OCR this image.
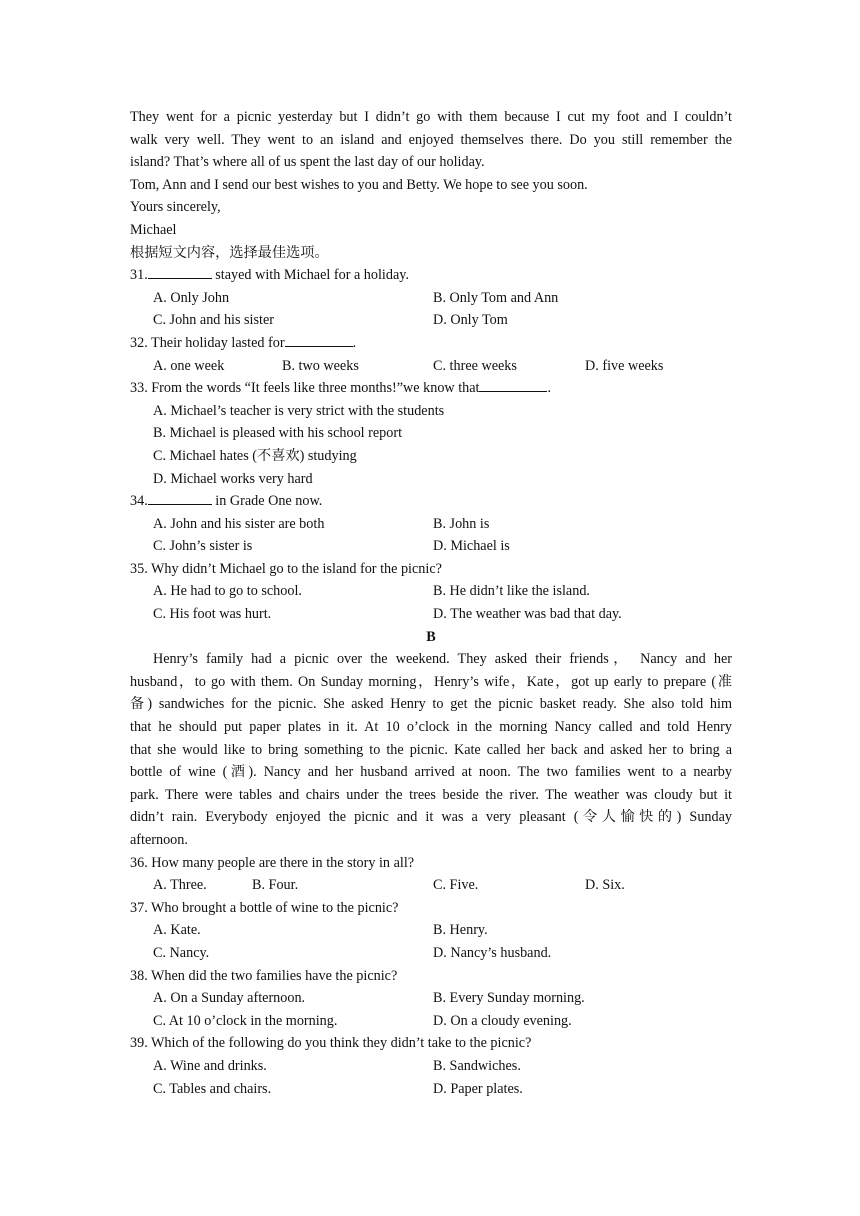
They went for a picnic yesterday but I didn’t go with them because I cut my foot and I couldn’t
walk very well. They went to an island and enjoyed themselves there. Do you still remember the
island? That’s where all of us spent the last day of our holiday.
Tom, Ann and I send our best wishes to you and Betty. We hope to see you soon.
Yours sincerely,
Michael
根据短文内容，选择最佳选项。
31.	stayed with Michael for a holiday.
A. Only John	B. Only Tom and Ann
C. John and his sister	D. Only Tom
32. Their holiday lasted for	.
A. one week	B. two weeks	C. three weeks	D. five weeks
33. From the words “It feels like three months!”we know that	.
A. Michael’s teacher is very strict with the students
B. Michael is pleased with his school report
C. Michael hates (不喜欢) studying
D. Michael works very hard
34.	in Grade One now.
A. John and his sister are both	B. John is
C. John’s sister is	D. Michael is
35. Why didn’t Michael go to the island for the picnic?
A. He had to go to school.	B. He didn’t like the island.
C. His foot was hurt.	D. The weather was bad that day.
B
Henry’s family had a picnic over the weekend. They asked their friends， Nancy and her
husband，to go with them. On Sunday morning，Henry’s wife，Kate，got up early to prepare (准
备) sandwiches for the picnic. She asked Henry to get the picnic basket ready. She also told him
that he should put paper plates in it. At 10 o’clock in the morning Nancy called and told Henry
that she would like to bring something to the picnic. Kate called her back and asked her to bring a
bottle of wine (酒). Nancy and her husband arrived at noon. The two families went to a nearby
park. There were tables and chairs under the trees beside the river. The weather was cloudy but it
didn’t rain. Everybody enjoyed the picnic and it was a very pleasant (令人愉快的) Sunday
afternoon.
36. How many people are there in the story in all?
A. Three.	B. Four.	C. Five.	D. Six.
37. Who brought a bottle of wine to the picnic?
A. Kate.	B. Henry.
C. Nancy.	D. Nancy’s husband.
38. When did the two families have the picnic?
A. On a Sunday afternoon.	B. Every Sunday morning.
C. At 10 o’clock in the morning.	D. On a cloudy evening.
39. Which of the following do you think they didn’t take to the picnic?
A. Wine and drinks.	B. Sandwiches.
C. Tables and chairs.	D. Paper plates.
